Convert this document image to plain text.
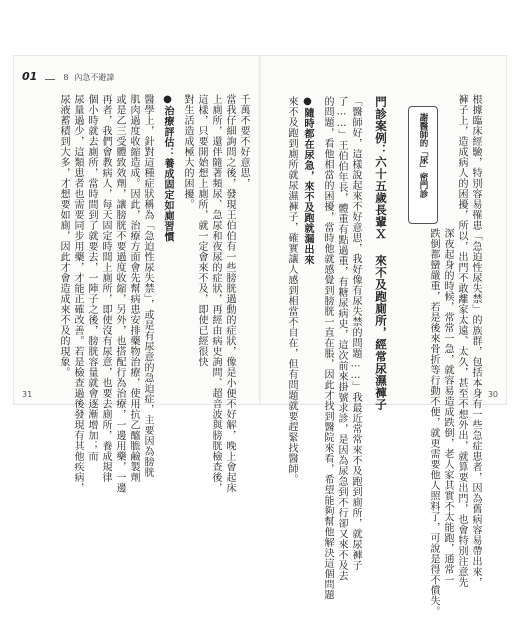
01	8 內急不避諱
31	30
根據臨床經驗，特別容易罹患「急迫性尿失禁」的族群，包括本身有一些急症患者，因為舊病容易帶出來，
褲子上，造成病人的困擾，所以，出門不敢離家太遠、太久，甚至不想外出，就算要出門，也會特別注意先
深夜起身的時候，常常一急，就容易造成跌倒，老人家其實不太能跑，通常一
跌倒都蠻嚴重，若是後來骨折等行動不便，就更需要他人照料了，可說是得不償失。
謝醫師的「尿」密門診
門診案例：六十五歲長輩Ｘ 來不及跑廁所，經常尿濕褲子
「醫師好，這樣說起來不好意思，我好像有尿失禁的問題……」我最近常常來不及跑到廁所，就尿褲子
了……」王伯伯年長，體重有點過重，有糖尿病史，這次前來掛號求診，是因為尿急到不行卻又來不及去
的問題，看他相當的困擾，當時他就感覺到膀胱一直在脹，因此才找到醫院來看，希望能夠幫他解決這個問題
●隨時都在尿急，來不及跑就漏出來
來不及跑到廁所就尿濕褲子，確實讓人感到相當不自在，但有問題就要趕緊找醫師。
千萬不要不好意思，
當我仔細詢問之後，發現王伯伯有一些膀胱過動的症狀，像是小便不好解，晚上會起床
上廁所，還伴隨著頻尿、急尿和夜尿的症狀，再經由病史詢問、超音波與膀胱檢查後，
這樣，只要開始想上廁所，就一定會來不及，即使已經很快
對生活造成極大的困擾。
●治療評估：養成固定如廁習慣
醫學上，針對這種症狀稱為「急迫性尿失禁」，或是有尿意的急迫症，主要因為膀胱
肌肉過度收縮造成。因此，治療方面會先幫病患安排藥物治療，使用抗乙醯膽鹼製劑
或是乙三受體致效劑，讓膀胱不要過度收縮，另外，也搭配行為治療，一邊用藥，一邊
再者，我們會教病人，每天固定時間上廁所，即使沒有尿意，也要去廁所，養成規律
個小時就去廁所，當時間到了就要去，一陣子之後，膀胱容量就會逐漸增加；而
尿量過少，這類患者也需要同步用藥，才能正確改善。若是檢查過後發現有其他疾病，
尿液蓄積到大多，才想要如廁，因此才會造成來不及的現象。
